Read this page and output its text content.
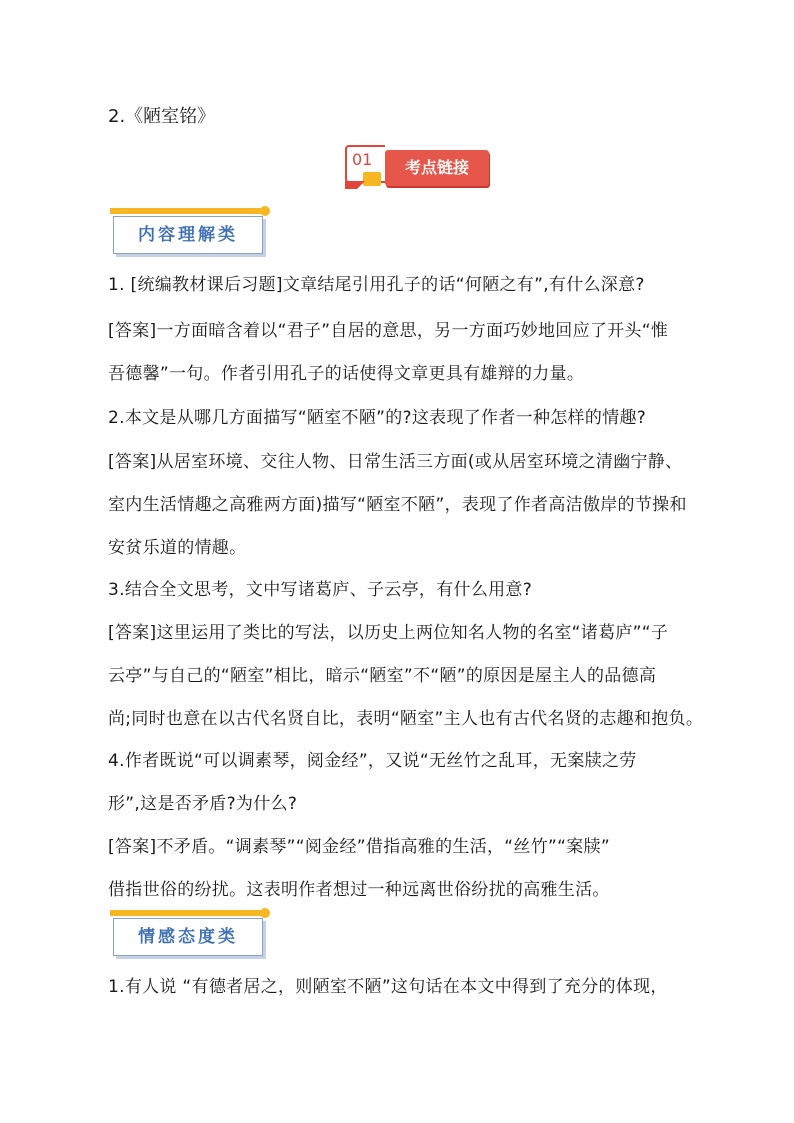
2.《陋室铭》
01	考点链接
内容理解类
1. [统编教材课后习题]文章结尾引用孔子的话“何陋之有”,有什么深意?
[答案]一方面暗含着以“君子”自居的意思，另一方面巧妙地回应了开头“惟
吾德馨”一句。作者引用孔子的话使得文章更具有雄辩的力量。
2.本文是从哪几方面描写“陋室不陋”的?这表现了作者一种怎样的情趣?
[答案]从居室环境、交往人物、日常生活三方面(或从居室环境之清幽宁静、
室内生活情趣之高雅两方面)描写“陋室不陋”，表现了作者高洁傲岸的节操和
安贫乐道的情趣。
3.结合全文思考，文中写诸葛庐、子云亭，有什么用意?
[答案]这里运用了类比的写法，以历史上两位知名人物的名室“诸葛庐”“子
云亭”与自己的“陋室”相比，暗示“陋室”不“陋”的原因是屋主人的品德高
尚;同时也意在以古代名贤自比，表明“陋室”主人也有古代名贤的志趣和抱负。
4.作者既说“可以调素琴，阅金经”，又说“无丝竹之乱耳，无案牍之劳
形”,这是否矛盾?为什么?
[答案]不矛盾。“调素琴”“阅金经”借指高雅的生活，“丝竹”“案牍”
借指世俗的纷扰。这表明作者想过一种远离世俗纷扰的高雅生活。
情感态度类
1.有人说 “有德者居之，则陋室不陋”这句话在本文中得到了充分的体现，
